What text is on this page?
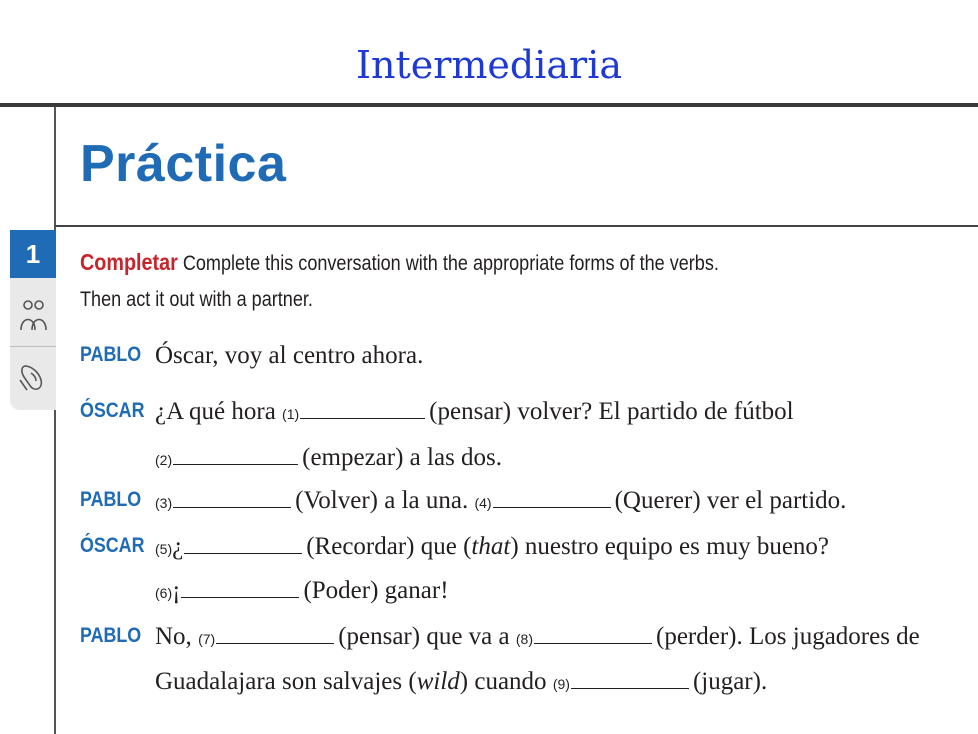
Intermediaria
Práctica
1	Completar Complete this conversation with the appropriate forms of the verbs.
Then act it out with a partner.
PABLO Óscar, voy al centro ahora.
ÓSCAR ¿A qué hora (1)	(pensar) volver? El partido de fútbol
(2)	(empezar) a las dos.
PABLO (3)	(Volver) a la una. (4)	(Querer) ver el partido.
ÓSCAR (5)¿	(Recordar) que (that) nuestro equipo es muy bueno?
(6)¡	(Poder) ganar!
PABLO No, (7)	(pensar) que va a (8)	(perder). Los jugadores de
Guadalajara son salvajes (wild) cuando (9)	(jugar).
